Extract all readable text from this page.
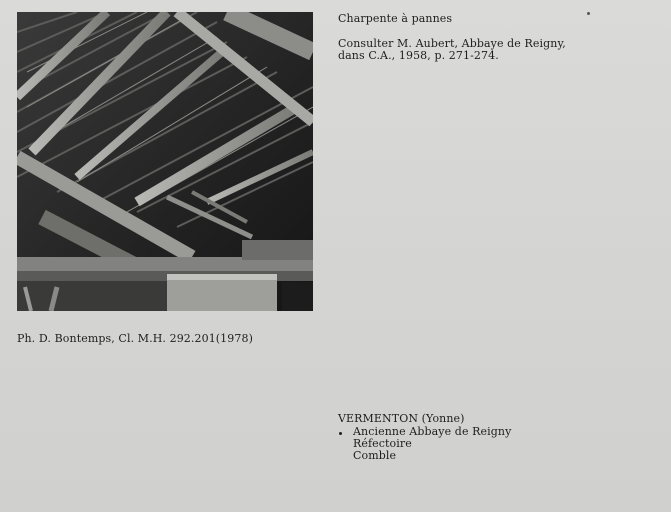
Charpente à pannes
Consulter M. Aubert, Abbaye de Reigny,
dans C.A., 1958, p. 271-274.
Ph. D. Bontemps, Cl. M.H. 292.201(1978)
VERMENTON (Yonne)
Ancienne Abbaye de Reigny
Réfectoire
Comble
